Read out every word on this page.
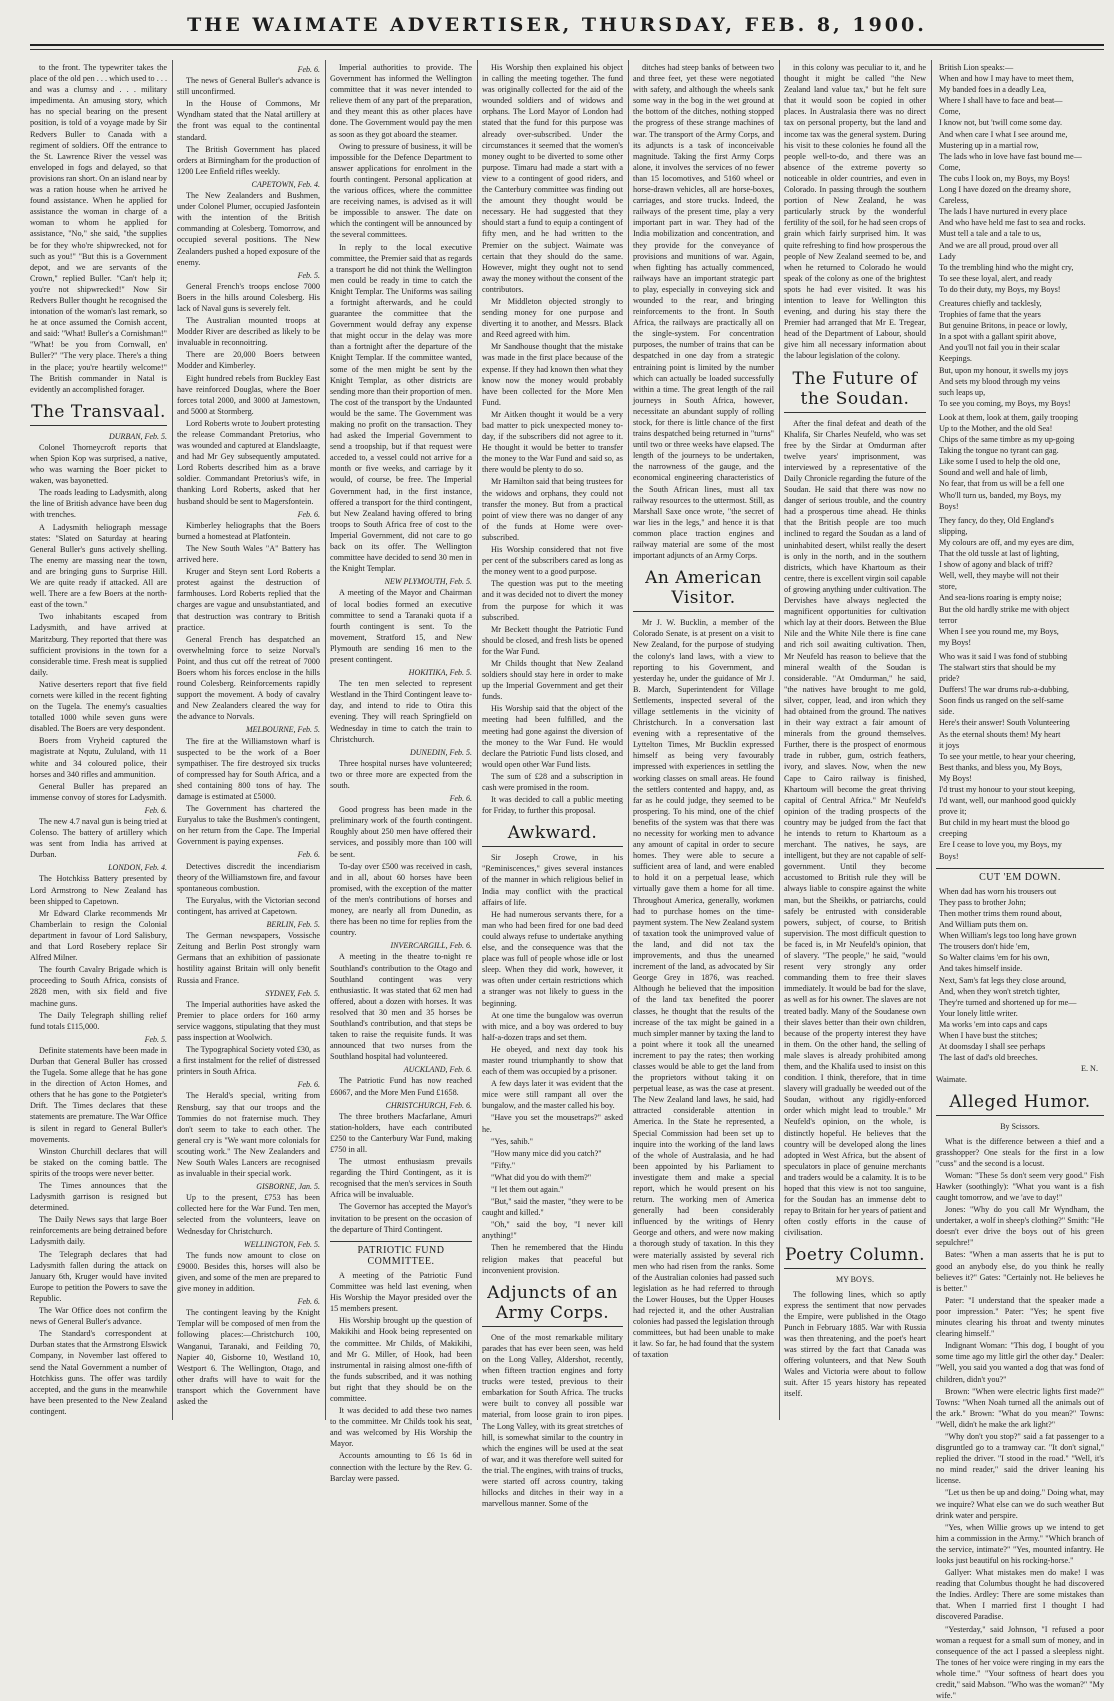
THE WAIMATE ADVERTISER, THURSDAY, FEB. 8, 1900.

to the front. The typewriter takes the place of the old pen . . . which used to . . . and was a clumsy and . . . military impedimenta. An amusing story, which has no special bearing on the present position, is told of a voyage made by Sir Redvers Buller to Canada with a regiment of soldiers. Off the entrance to the St. Lawrence River the vessel was enveloped in fogs and delayed, so that provisions ran short. On an island near by was a ration house when he arrived he found assistance. When he applied for assistance the woman in charge of a woman to whom he applied for assistance, "No," she said, "the supplies be for they who're shipwrecked, not for such as you!" "But this is a Government depot, and we are servants of the Crown," replied Buller. "Can't help it; you're not shipwrecked!" Now Sir Redvers Buller thought he recognised the intonation of the woman's last remark, so he at once assumed the Cornish accent, and said: "What! Buller's a Cornishman!" "What! be you from Cornwall, en' Buller?" "The very place. There's a thing in the place; you're heartily welcome!" The British commander in Natal is evidently an accomplished forager.

The Transvaal.
DURBAN, Feb. 5.

Colonel Thorneycroft reports that when Spion Kop was surprised, a native, who was warning the Boer picket to waken, was bayonetted.

The roads leading to Ladysmith, along the line of British advance have been dug with trenches.

A Ladysmith heliograph message states: "Slated on Saturday at hearing General Buller's guns actively shelling. The enemy are massing near the town, and are bringing guns to Surprise Hill. We are quite ready if attacked. All are well. There are a few Boers at the north-east of the town."

Two inhabitants escaped from Ladysmith, and have arrived at Maritzburg. They reported that there was sufficient provisions in the town for a considerable time. Fresh meat is supplied daily.

Native deserters report that five field cornets were killed in the recent fighting on the Tugela. The enemy's casualties totalled 1000 while seven guns were disabled. The Boers are very despondent.

Boers from Vryheid captured the magistrate at Nqutu, Zululand, with 11 white and 34 coloured police, their horses and 340 rifles and ammunition.

General Buller has prepared an immense convoy of stores for Ladysmith.

Feb. 6.

The new 4.7 naval gun is being tried at Colenso. The battery of artillery which was sent from India has arrived at Durban.

LONDON, Feb. 4.

The Hotchkiss Battery presented by Lord Armstrong to New Zealand has been shipped to Capetown.

Mr Edward Clarke recommends Mr Chamberlain to resign the Colonial department in favour of Lord Salisbury, and that Lord Rosebery replace Sir Alfred Milner.

The fourth Cavalry Brigade which is proceeding to South Africa, consists of 2828 men, with six field and five machine guns.

The Daily Telegraph shilling relief fund totals £115,000.

Feb. 5.

Definite statements have been made in Durban that General Buller has crossed the Tugela. Some allege that he has gone in the direction of Acton Homes, and others that he has gone to the Potgieter's Drift. The Times declares that these statements are premature. The War Office is silent in regard to General Buller's movements.

Winston Churchill declares that will be staked on the coming battle. The spirits of the troops were never better.

The Times announces that the Ladysmith garrison is resigned but determined.

The Daily News says that large Boer reinforcements are being detrained before Ladysmith daily.

The Telegraph declares that had Ladysmith fallen during the attack on January 6th, Kruger would have invited Europe to petition the Powers to save the Republic.

The War Office does not confirm the news of General Buller's advance.

The Standard's correspondent at Durban states that the Armstrong Elswick Company, in November last offered to send the Natal Government a number of Hotchkiss guns. The offer was tardily accepted, and the guns in the meanwhile have been presented to the New Zealand contingent.

Feb. 6.

The news of General Buller's advance is still unconfirmed.

In the House of Commons, Mr Wyndham stated that the Natal artillery at the front was equal to the continental standard.

The British Government has placed orders at Birmingham for the production of 1200 Lee Enfield rifles weekly.

CAPETOWN, Feb. 4.

The New Zealanders and Bushmen, under Colonel Plumer, occupied Jasfontein with the intention of the British commanding at Colesberg. Tomorrow, and occupied several positions. The New Zealanders pushed a hoped exposure of the enemy.

Feb. 5.

General French's troops enclose 7000 Boers in the hills around Colesberg. His lack of Naval guns is severely felt.

The Australian mounted troops at Modder River are described as likely to be invaluable in reconnoitring.

There are 20,000 Boers between Modder and Kimberley.

Eight hundred rebels from Buckley East have reinforced Douglas, where the Boer forces total 2000, and 3000 at Jamestown, and 5000 at Stormberg.

Lord Roberts wrote to Joubert protesting the release Commandant Pretorius, who was wounded and captured at Elandslaagte, and had Mr Gey subsequently amputated. Lord Roberts described him as a brave soldier. Commandant Pretorius's wife, in thanking Lord Roberts, asked that her husband should be sent to Magersfontein.

Feb. 6.

Kimberley heliographs that the Boers burned a homestead at Platfontein.

The New South Wales "A" Battery has arrived here.

Kruger and Steyn sent Lord Roberts a protest against the destruction of farmhouses. Lord Roberts replied that the charges are vague and unsubstantiated, and that destruction was contrary to British practice.

General French has despatched an overwhelming force to seize Norval's Point, and thus cut off the retreat of 7000 Boers whom his forces enclose in the hills round Colesberg. Reinforcements rapidly support the movement. A body of cavalry and New Zealanders cleared the way for the advance to Norvals.

MELBOURNE, Feb. 5.

The fire at the Williamstown wharf is suspected to be the work of a Boer sympathiser. The fire destroyed six trucks of compressed hay for South Africa, and a shed containing 800 tons of hay. The damage is estimated at £5000.

The Government has chartered the Euryalus to take the Bushmen's contingent, on her return from the Cape. The Imperial Government is paying expenses.

Feb. 6.

Detectives discredit the incendiarism theory of the Williamstown fire, and favour spontaneous combustion.

The Euryalus, with the Victorian second contingent, has arrived at Capetown.

BERLIN, Feb. 5.

The German newspapers, Vossische Zeitung and Berlin Post strongly warn Germans that an exhibition of passionate hostility against Britain will only benefit Russia and France.

SYDNEY, Feb. 5.

The Imperial authorities have asked the Premier to place orders for 160 army service waggons, stipulating that they must pass inspection at Woolwich.

The Typographical Society voted £30, as a first instalment for the relief of distressed printers in South Africa.

Feb. 6.

The Herald's special, writing from Rensburg, say that our troops and the Tommies do not fraternise much. They don't seem to take to each other. The general cry is "We want more colonials for scouting work." The New Zealanders and New South Wales Lancers are recognised as invaluable in their special work.

GISBORNE, Jan. 5.

Up to the present, £753 has been collected here for the War Fund. Ten men, selected from the volunteers, leave on Wednesday for Christchurch.

WELLINGTON, Feb. 5.

The funds now amount to close on £9000. Besides this, horses will also be given, and some of the men are prepared to give money in addition.

Feb. 6.

The contingent leaving by the Knight Templar will be composed of men from the following places:—Christchurch 100, Wanganui, Taranaki, and Feilding 70, Napier 40, Gisborne 10, Westland 10, Westport 6. The Wellington, Otago, and other drafts will have to wait for the transport which the Government have asked the

Imperial authorities to provide. The Government has informed the Wellington committee that it was never intended to relieve them of any part of the preparation, and they meant this as other places have done. The Government would pay the men as soon as they got aboard the steamer.

Owing to pressure of business, it will be impossible for the Defence Department to answer applications for enrolment in the fourth contingent. Personal application at the various offices, where the committee are receiving names, is advised as it will be impossible to answer. The date on which the contingent will be announced by the several committees.

In reply to the local executive committee, the Premier said that as regards a transport he did not think the Wellington men could be ready in time to catch the Knight Templar. The Uniforms was sailing a fortnight afterwards, and he could guarantee the committee that the Government would defray any expense that might occur in the delay was more than a fortnight after the departure of the Knight Templar. If the committee wanted, some of the men might be sent by the Knight Templar, as other districts are sending more than their proportion of men. The cost of the transport by the Undaunted would be the same. The Government was making no profit on the transaction. They had asked the Imperial Government to send a troopship, but if that request were acceded to, a vessel could not arrive for a month or five weeks, and carriage by it would, of course, be free. The Imperial Government had, in the first instance, offered a transport for the third contingent, but New Zealand having offered to bring troops to South Africa free of cost to the Imperial Government, did not care to go back on its offer. The Wellington committee have decided to send 30 men in the Knight Templar.

NEW PLYMOUTH, Feb. 5.

A meeting of the Mayor and Chairman of local bodies formed an executive committee to send a Taranaki quota if a fourth contingent is sent. To the movement, Stratford 15, and New Plymouth are sending 16 men to the present contingent.

HOKITIKA, Feb. 5.

The ten men selected to represent Westland in the Third Contingent leave to-day, and intend to ride to Otira this evening. They will reach Springfield on Wednesday in time to catch the train to Christchurch.

DUNEDIN, Feb. 5.

Three hospital nurses have volunteered; two or three more are expected from the south.

Feb. 6.

Good progress has been made in the preliminary work of the fourth contingent. Roughly about 250 men have offered their services, and possibly more than 100 will be sent.

To-day over £500 was received in cash, and in all, about 60 horses have been promised, with the exception of the matter of the men's contributions of horses and money, are nearly all from Dunedin, as there has been no time for replies from the country.

INVERCARGILL, Feb. 6.

A meeting in the theatre to-night re Southland's contribution to the Otago and Southland contingent was very enthusiastic. It was stated that 62 men had offered, about a dozen with horses. It was resolved that 30 men and 35 horses be Southland's contribution, and that steps be taken to raise the requisite funds. It was announced that two nurses from the Southland hospital had volunteered.

AUCKLAND, Feb. 6.

The Patriotic Fund has now reached £6067, and the More Men Fund £1658.

CHRISTCHURCH, Feb. 6.

The three brothers Macfarlane, Amuri station-holders, have each contributed £250 to the Canterbury War Fund, making £750 in all.

The utmost enthusiasm prevails regarding the Third Contingent, as it is recognised that the men's services in South Africa will be invaluable.

The Governor has accepted the Mayor's invitation to be present on the occasion of the departure of Third Contingent.

PATRIOTIC FUND COMMITTEE.

A meeting of the Patriotic Fund Committee was held last evening, when His Worship the Mayor presided over the 15 members present.

His Worship brought up the question of Makikihi and Hook being represented on the committee. Mr Childs, of Makikihi, and Mr G. Miller, of Hook, had been instrumental in raising almost one-fifth of the funds subscribed, and it was nothing but right that they should be on the committee.

It was decided to add these two names to the committee. Mr Childs took his seat, and was welcomed by His Worship the Mayor.

Accounts amounting to £6 1s 6d in connection with the lecture by the Rev. G. Barclay were passed.

His Worship then explained his object in calling the meeting together. The fund was originally collected for the aid of the wounded soldiers and of widows and orphans. The Lord Mayor of London had stated that the fund for this purpose was already over-subscribed. Under the circumstances it seemed that the women's money ought to be diverted to some other purpose. Timaru had made a start with a view to a contingent of good riders, and the Canterbury committee was finding out the amount they thought would be necessary. He had suggested that they should start a fund to equip a contingent of fifty men, and he had written to the Premier on the subject. Waimate was certain that they should do the same. However, might they ought not to send away the money without the consent of the contributors.

Mr Middleton objected strongly to sending money for one purpose and diverting it to another, and Messrs. Black and Reed agreed with him.

Mr Sandhouse thought that the mistake was made in the first place because of the expense. If they had known then what they know now the money would probably have been collected for the More Men Fund.

Mr Aitken thought it would be a very bad matter to pick unexpected money to-day, if the subscribers did not agree to it. He thought it would be better to transfer the money to the War Fund and said so, as there would be plenty to do so.

Mr Hamilton said that being trustees for the widows and orphans, they could not transfer the money. But from a practical point of view there was no danger of any of the funds at Home were over-subscribed.

His Worship considered that not five per cent of the subscribers cared as long as the money went to a good purpose.

The question was put to the meeting and it was decided not to divert the money from the purpose for which it was subscribed.

Mr Beckett thought the Patriotic Fund should be closed, and fresh lists be opened for the War Fund.

Mr Childs thought that New Zealand soldiers should stay here in order to make up the Imperial Government and get their funds.

His Worship said that the object of the meeting had been fulfilled, and the meeting had gone against the diversion of the money to the War Fund. He would declare the Patriotic Fund lists closed, and would open other War Fund lists.

The sum of £28 and a subscription in cash were promised in the room.

It was decided to call a public meeting for Friday, to further this proposal.

Awkward.

Sir Joseph Crowe, in his "Reminiscences," gives several instances of the manner in which religious belief in India may conflict with the practical affairs of life.

He had numerous servants there, for a man who had been fired for one bad deed could always refuse to undertake anything else, and the consequence was that the place was full of people whose idle or lost sleep. When they did work, however, it was often under certain restrictions which a stranger was not likely to guess in the beginning.

At one time the bungalow was overrun with mice, and a boy was ordered to buy half-a-dozen traps and set them.

He obeyed, and next day took his master round triumphantly to show that each of them was occupied by a prisoner.

A few days later it was evident that the mice were still rampant all over the bungalow, and the master called his boy.

"Have you set the mousetraps?" asked he.

"Yes, sahib."

"How many mice did you catch?"

"Fifty."

"What did you do with them?"

"I let them out again."

"But," said the master, "they were to be caught and killed."

"Oh," said the boy, "I never kill anything!"

Then he remembered that the Hindu religion makes that peaceful but inconvenient provision.

Adjuncts of an Army Corps.

One of the most remarkable military parades that has ever been seen, was held on the Long Valley, Aldershot, recently, when fifteen traction engines and forty trucks were tested, previous to their embarkation for South Africa. The trucks were built to convey all possible war material, from loose grain to iron pipes. The Long Valley, with its great stretches of hill, is somewhat similar to the country in which the engines will be used at the seat of war, and it was therefore well suited for the trial. The engines, with trains of trucks, were started off across country, taking hillocks and ditches in their way in a marvellous manner. Some of the

ditches had steep banks of between two and three feet, yet these were negotiated with safety, and although the wheels sank some way in the bog in the wet ground at the bottom of the ditches, nothing stopped the progress of these strange machines of war. The transport of the Army Corps, and its adjuncts is a task of inconceivable magnitude. Taking the first Army Corps alone, it involves the services of no fewer than 15 locomotives, and 5160 wheel or horse-drawn vehicles, all are horse-boxes, carriages, and store trucks. Indeed, the railways of the present time, play a very important part in war. They had of the India mobilization and concentration, and they provide for the conveyance of provisions and munitions of war. Again, when fighting has actually commenced, railways have an important strategic part to play, especially in conveying sick and wounded to the rear, and bringing reinforcements to the front. In South Africa, the railways are practically all on the single-system. For concentration purposes, the number of trains that can be despatched in one day from a strategic entraining point is limited by the number which can actually be loaded successfully within a time. The great length of the rail journeys in South Africa, however, necessitate an abundant supply of rolling stock, for there is little chance of the first trains despatched being returned in "turns" until two or three weeks have elapsed. The length of the journeys to be undertaken, the narrowness of the gauge, and the economical engineering characteristics of the South African lines, must all tax railway resources to the uttermost. Still, as Marshall Saxe once wrote, "the secret of war lies in the legs," and hence it is that common place traction engines and railway material are some of the most important adjuncts of an Army Corps.

An American Visitor.

Mr J. W. Bucklin, a member of the Colorado Senate, is at present on a visit to New Zealand, for the purpose of studying the colony's land laws, with a view to reporting to his Government, and yesterday he, under the guidance of Mr J. B. March, Superintendent for Village Settlements, inspected several of the village settlements in the vicinity of Christchurch. In a conversation last evening with a representative of the Lyttelton Times, Mr Bucklin expressed himself as being very favourably impressed with experiences in settling the working classes on small areas. He found the settlers contented and happy, and, as far as he could judge, they seemed to be prospering. To his mind, one of the chief benefits of the system was that there was no necessity for working men to advance any amount of capital in order to secure homes. They were able to secure a sufficient area of land, and were enabled to hold it on a perpetual lease, which virtually gave them a home for all time. Throughout America, generally, workmen had to purchase homes on the time-payment system. The New Zealand system of taxation took the unimproved value of the land, and did not tax the improvements, and thus the unearned increment of the land, as advocated by Sir George Grey in 1876, was reached. Although he believed that the imposition of the land tax benefited the poorer classes, he thought that the results of the increase of the tax might be gained in a much simpler manner by taxing the land to a point where it took all the unearned increment to pay the rates; then working classes would be able to get the land from the proprietors without taking it on perpetual lease, as was the case at present. The New Zealand land laws, he said, had attracted considerable attention in America. In the State he represented, a Special Commission had been set up to inquire into the working of the land laws of the whole of Australasia, and he had been appointed by his Parliament to investigate them and make a special report, which he would present on his return. The working men of America generally had been considerably influenced by the writings of Henry George and others, and were now making a thorough study of taxation. In this they were materially assisted by several rich men who had risen from the ranks. Some of the Australian colonies had passed such legislation as he had referred to through the Lower Houses, but the Upper Houses had rejected it, and the other Australian colonies had passed the legislation through committees, but had been unable to make it law. So far, he had found that the system of taxation

in this colony was peculiar to it, and he thought it might be called "the New Zealand land value tax," but he felt sure that it would soon be copied in other places. In Australasia there was no direct tax on personal property, but the land and income tax was the general system. During his visit to these colonies he found all the people well-to-do, and there was an absence of the extreme poverty so noticeable in older countries, and even in Colorado. In passing through the southern portion of New Zealand, he was particularly struck by the wonderful fertility of the soil, for he had seen crops of grain which fairly surprised him. It was quite refreshing to find how prosperous the people of New Zealand seemed to be, and when he returned to Colorado he would speak of the colony as one of the brightest spots he had ever visited. It was his intention to leave for Wellington this evening, and during his stay there the Premier had arranged that Mr E. Tregear, head of the Department of Labour, should give him all necessary information about the labour legislation of the colony.

The Future of the Soudan.

After the final defeat and death of the Khalifa, Sir Charles Neufeld, who was set free by the Sirdar at Omdurman after twelve years' imprisonment, was interviewed by a representative of the Daily Chronicle regarding the future of the Soudan. He said that there was now no danger of serious trouble, and the country had a prosperous time ahead. He thinks that the British people are too much inclined to regard the Soudan as a land of uninhabited desert, whilst really the desert is only in the north, and in the southern districts, which have Khartoum as their centre, there is excellent virgin soil capable of growing anything under cultivation. The Dervishes have always neglected the magnificent opportunities for cultivation which lay at their doors. Between the Blue Nile and the White Nile there is fine cane and rich soil awaiting cultivation. Then, Mr Neufeld has reason to believe that the mineral wealth of the Soudan is considerable. "At Omdurman," he said, "the natives have brought to me gold, silver, copper, lead, and iron which they had obtained from the ground. The natives in their way extract a fair amount of minerals from the ground themselves. Further, there is the prospect of enormous trade in rubber, gum, ostrich feathers, ivory, and slaves. Now, when the new Cape to Cairo railway is finished, Khartoum will become the great thriving capital of Central Africa." Mr Neufeld's opinion of the trading prospects of the country may be judged from the fact that he intends to return to Khartoum as a merchant. The natives, he says, are intelligent, but they are not capable of self-government. Until they become accustomed to British rule they will be always liable to conspire against the white man, but the Sheikhs, or patriarchs, could safely be entrusted with considerable powers, subject, of course, to British supervision. The most difficult question to be faced is, in Mr Neufeld's opinion, that of slavery. "The people," he said, "would resent very strongly any order commanding them to free their slaves immediately. It would be bad for the slave, as well as for his owner. The slaves are not treated badly. Many of the Soudanese own their slaves better than their own children, because of the property interest they have in them. On the other hand, the selling of male slaves is already prohibited among them, and the Khalifa used to insist on this condition. I think, therefore, that in time slavery will gradually be weeded out of the Soudan, without any rigidly-enforced order which might lead to trouble." Mr Neufeld's opinion, on the whole, is distinctly hopeful. He believes that the country will be developed along the lines adopted in West Africa, but the absent of speculators in place of genuine merchants and traders would be a calamity. It is to be hoped that this view is not too sanguine, for the Soudan has an immense debt to repay to Britain for her years of patient and often costly efforts in the cause of civilisation.

Poetry Column.
MY BOYS.

The following lines, which so aptly express the sentiment that now pervades the Empire, were published in the Otago Punch in February 1885. War with Russia was then threatening, and the poet's heart was stirred by the fact that Canada was offering volunteers, and that New South Wales and Victoria were about to follow suit. After 15 years history has repeated itself.

British Lion speaks:—
When and how I may have to meet them,
My banded foes in a deadly Lea,
Where I shall have to face and beat—
Come,
I know not, but 'twill come some day.
And when care I what I see around me,
Mustering up in a martial row,
The lads who in love have fast bound me—
Come,
The cubs I look on, my Boys, my Boys!
Long I have dozed on the dreamy shore,
Careless,
The lads I have nurtured in every place
And who have held me fast to sea and rocks.
Must tell a tale and a tale to us,
And we are all proud, proud over all
Lady
To the trembling hind who the might cry,
To see these loyal, alert, and ready
To do their duty, my Boys, my Boys!
Creatures chiefly and tacklesly,
Trophies of fame that the years
But genuine Britons, in peace or lowly,
In a spot with a gallant spirit above,
And you'll not fail you in their scalar
Keepings.
But, upon my honour, it swells my joys
And sets my blood through my veins
such leaps up,
To see you coming, my Boys, my Boys!
Look at them, look at them, gaily trooping
Up to the Mother, and the old Sea!
Chips of the same timbre as my up-going
Taking the tongue no tyrant can gag.
Like some I used to help the old one,
Sound and well and hale of limb,
No fear, that from us will be a fell one
Who'll turn us, banded, my Boys, my
Boys!
They fancy, do they, Old England's
slipping,
My colours are off, and my eyes are dim,
That the old tussle at last of lighting,
I show of agony and black of triff?
Well, well, they maybe will not their
store,
And sea-lions roaring is empty noise;
But the old hardly strike me with object
terror
When I see you round me, my Boys,
my Boys!
Who was it said I was fond of stubbing
The stalwart stirs that should be my
pride?
Duffers! The war drums rub-a-dubbing,
Soon finds us ranged on the self-same
side.
Here's their answer! South Volunteering
As the eternal shouts them! My heart
it joys
To see your mettle, to hear your cheering,
Best thanks, and bless you, My Boys,
My Boys!
I'd trust my honour to your stout keeping,
I'd want, well, our manhood good quickly
prove it;
But child in my heart must the blood go
creeping
Ere I cease to love you, my Boys, my
Boys!
CUT 'EM DOWN.
When dad has worn his trousers out
They pass to brother John;
Then mother trims them round about,
And William puts them on.
When William's legs too long have grown
The trousers don't hide 'em,
So Walter claims 'em for his own,
And takes himself inside.
Next, Sam's fat legs they close around,
And, when they won't stretch tighter,
They're turned and shortened up for me—
Your lonely little writer.
Ma works 'em into caps and caps
When I have bust the stitches;
At doomsday I shall see perhaps
The last of dad's old breeches.
E. N.
Waimate.
Alleged Humor.
By Scissors.

What is the difference between a thief and a grasshopper? One steals for the first in a low "cuss" and the second is a locust.

Woman: "These 5s don't seem very good." Fish Hawker (soothingly): "What you want is a fish caught tomorrow, and we 'ave to day!"

Jones: "Why do you call Mr Wyndham, the undertaker, a wolf in sheep's clothing?" Smith: "He doesn't ever drive the boys out of his green sepulchre!"

Bates: "When a man asserts that he is put to good an anybody else, do you think he really believes it?" Gates: "Certainly not. He believes he is better."

Pater: "I understand that the speaker made a poor impression." Pater: "Yes; he spent five minutes clearing his throat and twenty minutes clearing himself."

Indignant Woman: "This dog, I bought of you some time ago my little girl the other day." Dealer: "Well, you said you wanted a dog that was fond of children, didn't you?"

Brown: "When were electric lights first made?" Towns: "When Noah turned all the animals out of the ark." Brown: "What do you mean?" Towns: "Well, didn't he make the ark light?"

"Why don't you stop?" said a fat passenger to a disgruntled go to a tramway car. "It don't signal," replied the driver. "I stood in the road." "Well, it's no mind reader," said the driver leaning his license.

"Let us then be up and doing." Doing what, may we inquire? What else can we do such weather But drink water and perspire.

"Yes, when Willie grows up we intend to get him a commission in the Army." "Which branch of the service, intimate?" "Yes, mounted infantry. He looks just beautiful on his rocking-horse."

Gallyer: What mistakes men do make! I was reading that Columbus thought he had discovered the Indies. Ardley: There are some mistakes than that. When I married first I thought I had discovered Paradise.

"Yesterday," said Johnson, "I refused a poor woman a request for a small sum of money, and in consequence of the act I passed a sleepless night. The tones of her voice were ringing in my ears the whole time." "Your softness of heart does you credit," said Mabson. "Who was the woman?" "My wife."
